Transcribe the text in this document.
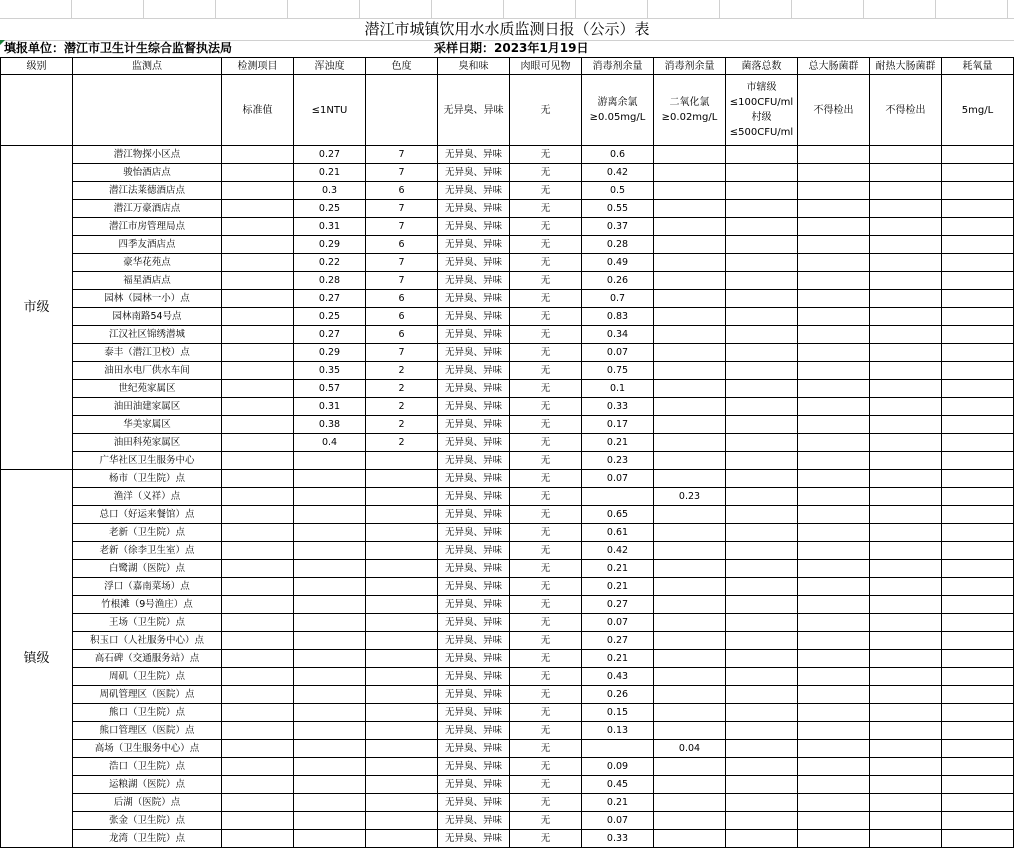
潜江市城镇饮用水水质监测日报（公示）表
填报单位：潜江市卫生计生综合监督执法局	采样日期：2023年1月19日
级别	监测点	检测项目	浑浊度	色度	臭和味	肉眼可见物	消毒剂余量	消毒剂余量	菌落总数	总大肠菌群	耐热大肠菌群	耗氧量
		标准值	≤1NTU		无异臭、异味	无	游离余氯≥0.05mg/L	二氧化氯≥0.02mg/L	市辖级≤100CFU/ml 村级≤500CFU/ml	不得检出	不得检出	5mg/L
市级	潜江物探小区点		0.27	7	无异臭、异味	无	0.6					
	骏怡酒店点		0.21	7	无异臭、异味	无	0.42					
	潜江法莱德酒店点		0.3	6	无异臭、异味	无	0.5					
	潜江万豪酒店点		0.25	7	无异臭、异味	无	0.55					
	潜江市房管理局点		0.31	7	无异臭、异味	无	0.37					
	四季友酒店点		0.29	6	无异臭、异味	无	0.28					
	豪华花苑点		0.22	7	无异臭、异味	无	0.49					
	福星酒店点		0.28	7	无异臭、异味	无	0.26					
	园林（园林一小）点		0.27	6	无异臭、异味	无	0.7					
	园林南路54号点		0.25	6	无异臭、异味	无	0.83					
	江汉社区锦绣潜城		0.27	6	无异臭、异味	无	0.34					
	泰丰（潜江卫校）点		0.29	7	无异臭、异味	无	0.07					
	油田水电厂供水车间		0.35	2	无异臭、异味	无	0.75					
	世纪苑家属区		0.57	2	无异臭、异味	无	0.1					
	油田油建家属区		0.31	2	无异臭、异味	无	0.33					
	华美家属区		0.38	2	无异臭、异味	无	0.17					
	油田科苑家属区		0.4	2	无异臭、异味	无	0.21					
	广华社区卫生服务中心				无异臭、异味	无	0.23					
镇级	杨市（卫生院）点				无异臭、异味	无	0.07					
	渔洋（义祥）点				无异臭、异味	无		0.23				
	总口（好运来餐馆）点				无异臭、异味	无	0.65					
	老新（卫生院）点				无异臭、异味	无	0.61					
	老新（徐李卫生室）点				无异臭、异味	无	0.42					
	白鹭湖（医院）点				无异臭、异味	无	0.21					
	浮口（嘉南菜场）点				无异臭、异味	无	0.21					
	竹根滩（9号渔庄）点				无异臭、异味	无	0.27					
	王场（卫生院）点				无异臭、异味	无	0.07					
	积玉口（人社服务中心）点				无异臭、异味	无	0.27					
	高石碑（交通服务站）点				无异臭、异味	无	0.21					
	周矶（卫生院）点				无异臭、异味	无	0.43					
	周矶管理区（医院）点				无异臭、异味	无	0.26					
	熊口（卫生院）点				无异臭、异味	无	0.15					
	熊口管理区（医院）点				无异臭、异味	无	0.13					
	高场（卫生服务中心）点				无异臭、异味	无		0.04				
	浩口（卫生院）点				无异臭、异味	无	0.09					
	运粮湖（医院）点				无异臭、异味	无	0.45					
	后湖（医院）点				无异臭、异味	无	0.21					
	张金（卫生院）点				无异臭、异味	无	0.07					
	龙湾（卫生院）点				无异臭、异味	无	0.33					
